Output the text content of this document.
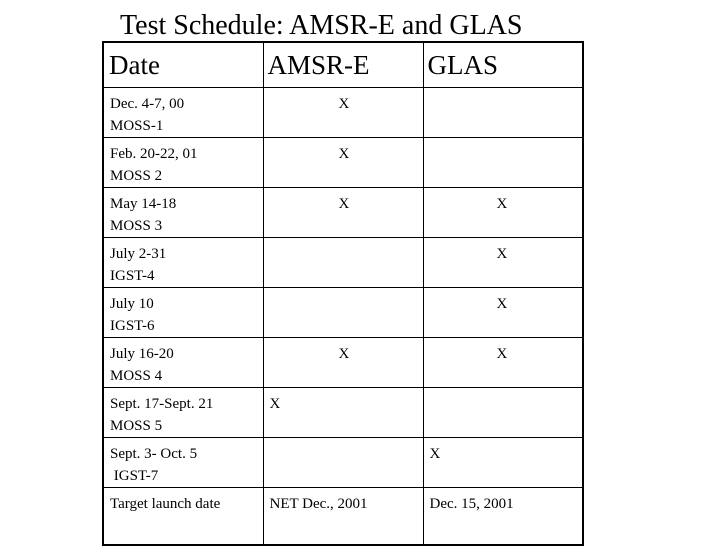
Test Schedule: AMSR-E and GLAS
Date	AMSR-E	GLAS

Dec. 4-7, 00
MOSS-1	X	

Feb. 20-22, 01
MOSS 2	X	

May 14-18
MOSS 3	X	X

July 2-31
IGST-4		X

July 10
IGST-6		X

July 16-20
MOSS 4	X	X

Sept. 17-Sept. 21
MOSS 5	X	

Sept. 3- Oct. 5
IGST-7		X

Target launch date	NET Dec., 2001	Dec. 15, 2001
